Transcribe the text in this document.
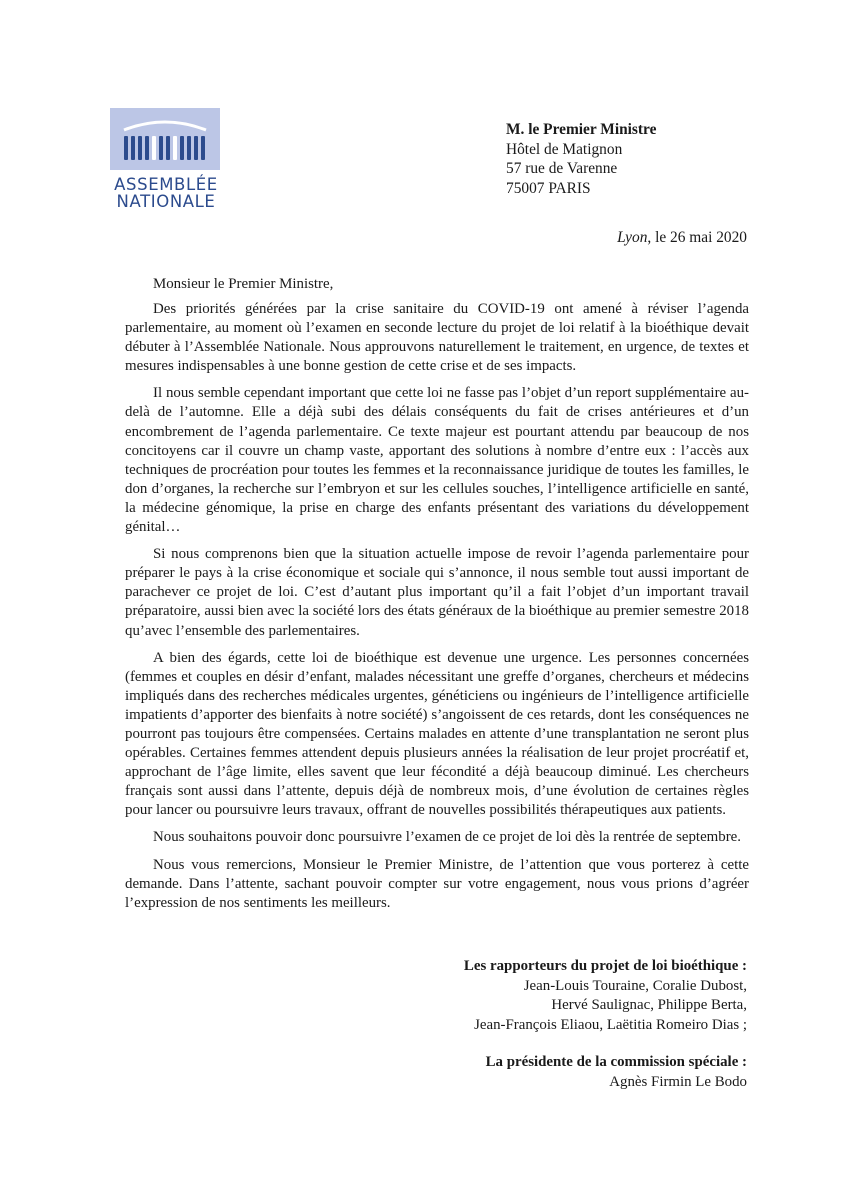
ASSEMBLÉE
NATIONALE
M. le Premier Ministre
Hôtel de Matignon
57 rue de Varenne
75007 PARIS
Lyon, le 26 mai 2020
Monsieur le Premier Ministre,

Des priorités générées par la crise sanitaire du COVID-19 ont amené à réviser l’agenda parlementaire, au moment où l’examen en seconde lecture du projet de loi relatif à la bioéthique devait débuter à l’Assemblée Nationale. Nous approuvons naturellement le traitement, en urgence, de textes et mesures indispensables à une bonne gestion de cette crise et de ses impacts.

Il nous semble cependant important que cette loi ne fasse pas l’objet d’un report supplémentaire au-delà de l’automne. Elle a déjà subi des délais conséquents du fait de crises antérieures et d’un encombrement de l’agenda parlementaire. Ce texte majeur est pourtant attendu par beaucoup de nos concitoyens car il couvre un champ vaste, apportant des solutions à nombre d’entre eux : l’accès aux techniques de procréation pour toutes les femmes et la reconnaissance juridique de toutes les familles, le don d’organes, la recherche sur l’embryon et sur les cellules souches, l’intelligence artificielle en santé, la médecine génomique, la prise en charge des enfants présentant des variations du développement génital…

Si nous comprenons bien que la situation actuelle impose de revoir l’agenda parlementaire pour préparer le pays à la crise économique et sociale qui s’annonce, il nous semble tout aussi important de parachever ce projet de loi. C’est d’autant plus important qu’il a fait l’objet d’un important travail préparatoire, aussi bien avec la société lors des états généraux de la bioéthique au premier semestre 2018 qu’avec l’ensemble des parlementaires.

A bien des égards, cette loi de bioéthique est devenue une urgence. Les personnes concernées (femmes et couples en désir d’enfant, malades nécessitant une greffe d’organes, chercheurs et médecins impliqués dans des recherches médicales urgentes, généticiens ou ingénieurs de l’intelligence artificielle impatients d’apporter des bienfaits à notre société) s’angoissent de ces retards, dont les conséquences ne pourront pas toujours être compensées. Certains malades en attente d’une transplantation ne seront plus opérables. Certaines femmes attendent depuis plusieurs années la réalisation de leur projet procréatif et, approchant de l’âge limite, elles savent que leur fécondité a déjà beaucoup diminué. Les chercheurs français sont aussi dans l’attente, depuis déjà de nombreux mois, d’une évolution de certaines règles pour lancer ou poursuivre leurs travaux, offrant de nouvelles possibilités thérapeutiques aux patients.

Nous souhaitons pouvoir donc poursuivre l’examen de ce projet de loi dès la rentrée de septembre.

Nous vous remercions, Monsieur le Premier Ministre, de l’attention que vous porterez à cette demande. Dans l’attente, sachant pouvoir compter sur votre engagement, nous vous prions d’agréer l’expression de nos sentiments les meilleurs.

Les rapporteurs du projet de loi bioéthique :
Jean-Louis Touraine, Coralie Dubost,
Hervé Saulignac, Philippe Berta,
Jean-François Eliaou, Laëtitia Romeiro Dias ;
La présidente de la commission spéciale :
Agnès Firmin Le Bodo
